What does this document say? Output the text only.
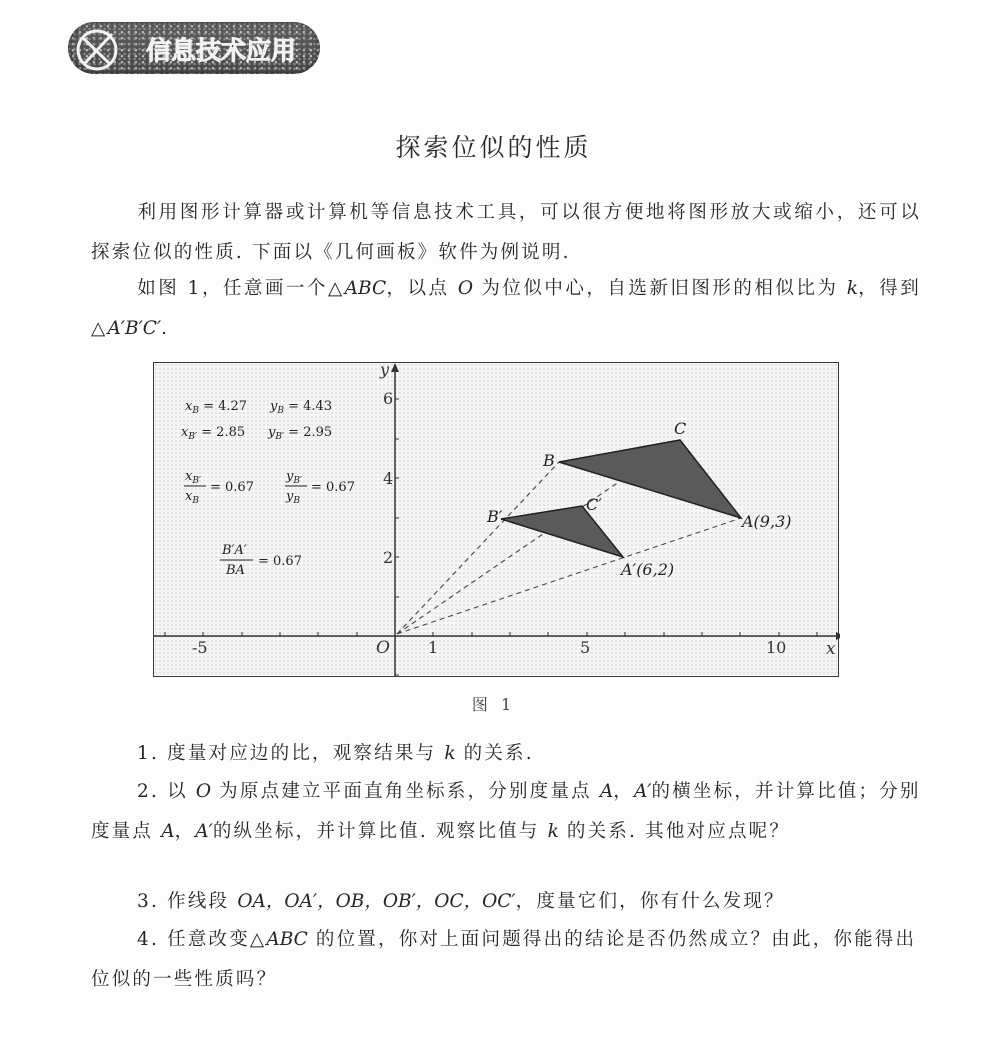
信息技术应用
探索位似的性质
利用图形计算器或计算机等信息技术工具，可以很方便地将图形放大或缩小，还可以探索位似的性质. 下面以《几何画板》软件为例说明.
如图 1，任意画一个△ABC，以点 O 为位似中心，自选新旧图形的相似比为 k，得到△A′B′C′.
-5	1	5	10
6
4
2
O	x
y
A(9,3)
B
C
A′(6,2)
B′
C′
$x_B = 4.27$ $y_B = 4.43$
$x_{B'} = 2.85$ $y_{B'} = 2.95$
$x_{B'}$
$x_B$
= 0.67
$y_{B'}$
$y_B$
= 0.67
B′A′
BA
= 0.67
图 1
1. 度量对应边的比，观察结果与 k 的关系.
2. 以 O 为原点建立平面直角坐标系，分别度量点 A，A′的横坐标，并计算比值；分别度量点 A，A′的纵坐标，并计算比值. 观察比值与 k 的关系. 其他对应点呢？
3. 作线段 OA，OA′，OB，OB′，OC，OC′，度量它们，你有什么发现？
4. 任意改变△ABC 的位置，你对上面问题得出的结论是否仍然成立？由此，你能得出位似的一些性质吗？
